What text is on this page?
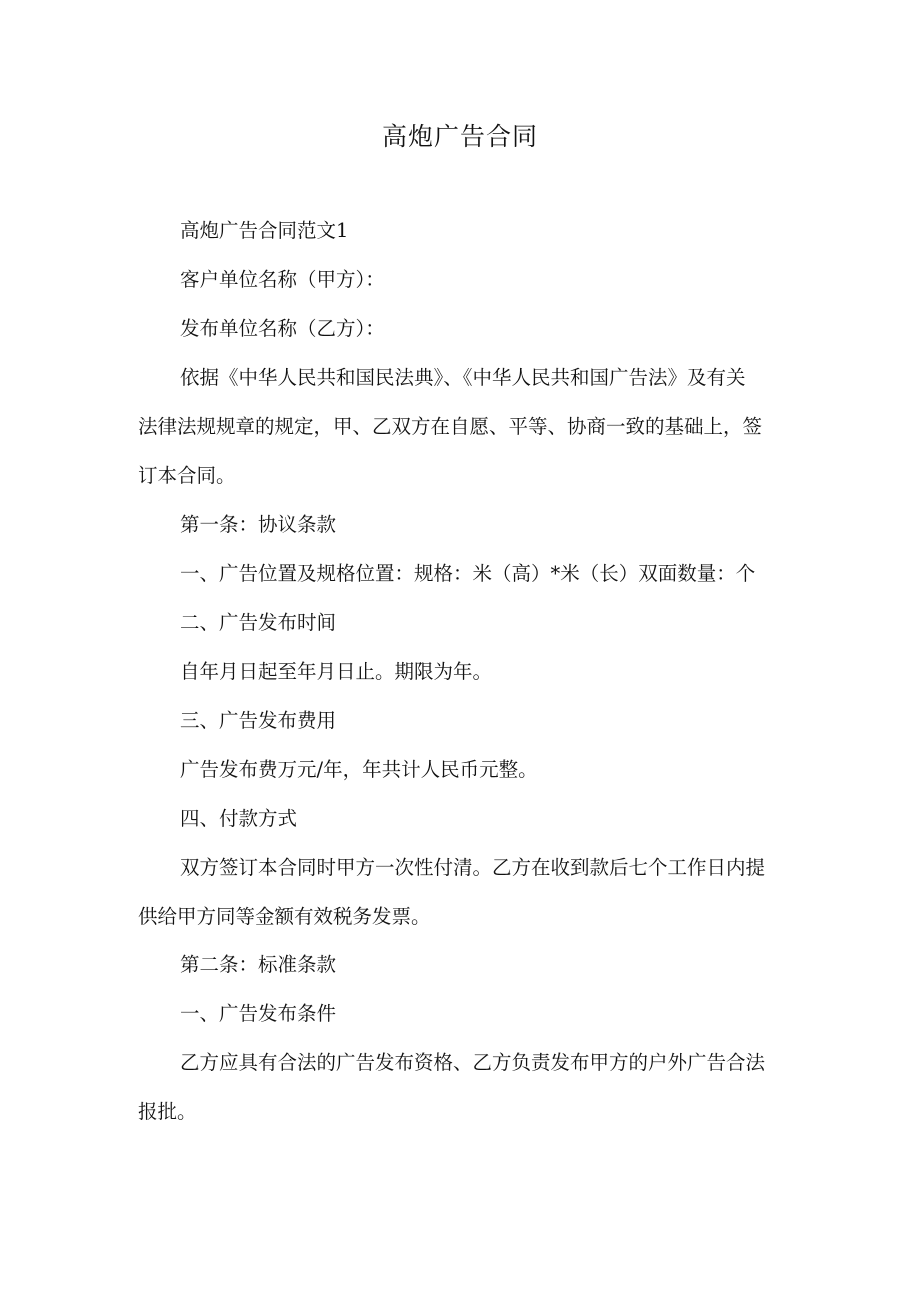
高炮广告合同
高炮广告合同范文1
客户单位名称（甲方）：
发布单位名称（乙方）：
依据《中华人民共和国民法典》、《中华人民共和国广告法》及有关
法律法规规章的规定，甲、乙双方在自愿、平等、协商一致的基础上，签
订本合同。
第一条：协议条款
一、广告位置及规格位置：规格：米（高）*米（长）双面数量：个
二、广告发布时间
自年月日起至年月日止。期限为年。
三、广告发布费用
广告发布费万元/年，年共计人民币元整。
四、付款方式
双方签订本合同时甲方一次性付清。乙方在收到款后七个工作日内提
供给甲方同等金额有效税务发票。
第二条：标准条款
一、广告发布条件
乙方应具有合法的广告发布资格、乙方负责发布甲方的户外广告合法
报批。
